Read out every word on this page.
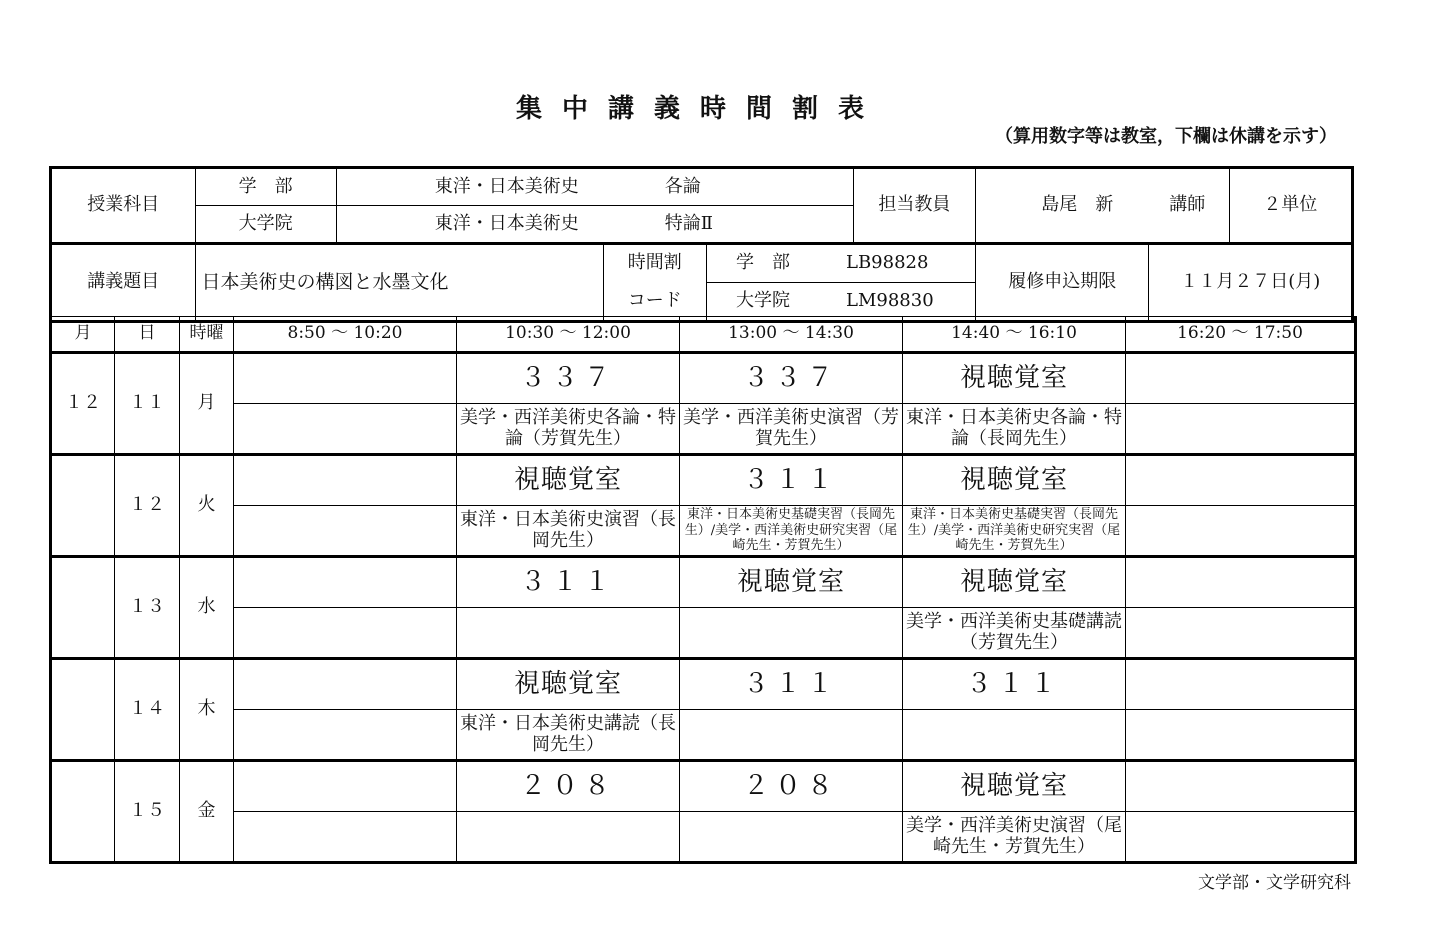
集中講義時間割表
（算用数字等は教室，下欄は休講を示す）
授業科目	学　部	東洋・日本美術史 各論			担当教員	島尾　新 講師		２単位
	大学院	東洋・日本美術史 特論Ⅱ						
講義題目	日本美術史の構図と水墨文化		時間割	学　部 LB98828		履修申込期限	１１月２７日(月)	
			コード	大学院 LM98830				
月	日	時曜	8:50 ～ 10:20	10:30 ～ 12:00	13:00 ～ 14:30	14:40 ～ 16:10	16:20 ～ 17:50
１２	１１	月		３３７	３３７	視聴覚室	
				美学・西洋美術史各論・特論（芳賀先生）	美学・西洋美術史演習（芳賀先生）	東洋・日本美術史各論・特論（長岡先生）	
	１２	火		視聴覚室	３１１	視聴覚室	
				東洋・日本美術史演習（長岡先生）	東洋・日本美術史基礎実習（長岡先生）/美学・西洋美術史研究実習（尾崎先生・芳賀先生）	東洋・日本美術史基礎実習（長岡先生）/美学・西洋美術史研究実習（尾崎先生・芳賀先生）	
	１３	水		３１１	視聴覚室	視聴覚室	
						美学・西洋美術史基礎講読（芳賀先生）	
	１４	木		視聴覚室	３１１	３１１	
				東洋・日本美術史講読（長岡先生）			
	１５	金		２０８	２０８	視聴覚室	
						美学・西洋美術史演習（尾崎先生・芳賀先生）	
文学部・文学研究科
